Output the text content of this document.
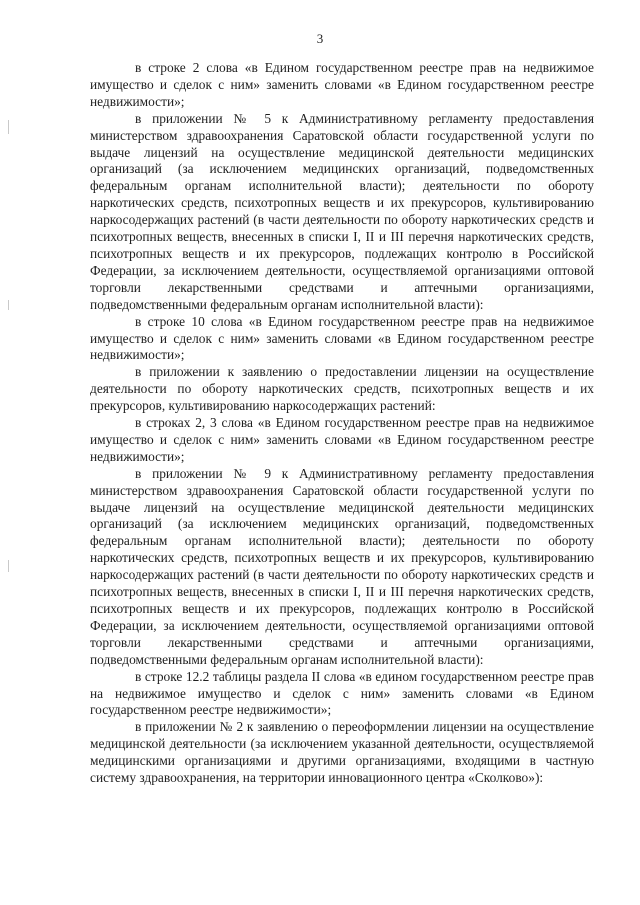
3

в строке 2 слова «в Едином государственном реестре прав на недвижимое имущество и сделок с ним» заменить словами «в Едином государственном реестре недвижимости»;

в приложении № 5 к Административному регламенту предоставления министерством здравоохранения Саратовской области государственной услуги по выдаче лицензий на осуществление медицинской деятельности медицинских организаций (за исключением медицинских организаций, подведомственных федеральным органам исполнительной власти); деятельности по обороту наркотических средств, психотропных веществ и их прекурсоров, культивированию наркосодержащих растений (в части деятельности по обороту наркотических средств и психотропных веществ, внесенных в списки I, II и III перечня наркотических средств, психотропных веществ и их прекурсоров, подлежащих контролю в Российской Федерации, за исключением деятельности, осуществляемой организациями оптовой торговли лекарственными средствами и аптечными организациями, подведомственными федеральным органам исполнительной власти):

в строке 10 слова «в Едином государственном реестре прав на недвижимое имущество и сделок с ним» заменить словами «в Едином государственном реестре недвижимости»;

в приложении к заявлению о предоставлении лицензии на осуществление деятельности по обороту наркотических средств, психотропных веществ и их прекурсоров, культивированию наркосодержащих растений:

в строках 2, 3 слова «в Едином государственном реестре прав на недвижимое имущество и сделок с ним» заменить словами «в Едином государственном реестре недвижимости»;

в приложении № 9 к Административному регламенту предоставления министерством здравоохранения Саратовской области государственной услуги по выдаче лицензий на осуществление медицинской деятельности медицинских организаций (за исключением медицинских организаций, подведомственных федеральным органам исполнительной власти); деятельности по обороту наркотических средств, психотропных веществ и их прекурсоров, культивированию наркосодержащих растений (в части деятельности по обороту наркотических средств и психотропных веществ, внесенных в списки I, II и III перечня наркотических средств, психотропных веществ и их прекурсоров, подлежащих контролю в Российской Федерации, за исключением деятельности, осуществляемой организациями оптовой торговли лекарственными средствами и аптечными организациями, подведомственными федеральным органам исполнительной власти):

в строке 12.2 таблицы раздела II слова «в едином государственном реестре прав на недвижимое имущество и сделок с ним» заменить словами «в Едином государственном реестре недвижимости»;

в приложении № 2 к заявлению о переоформлении лицензии на осуществление медицинской деятельности (за исключением указанной деятельности, осуществляемой медицинскими организациями и другими организациями, входящими в частную систему здравоохранения, на территории инновационного центра «Сколково»):
